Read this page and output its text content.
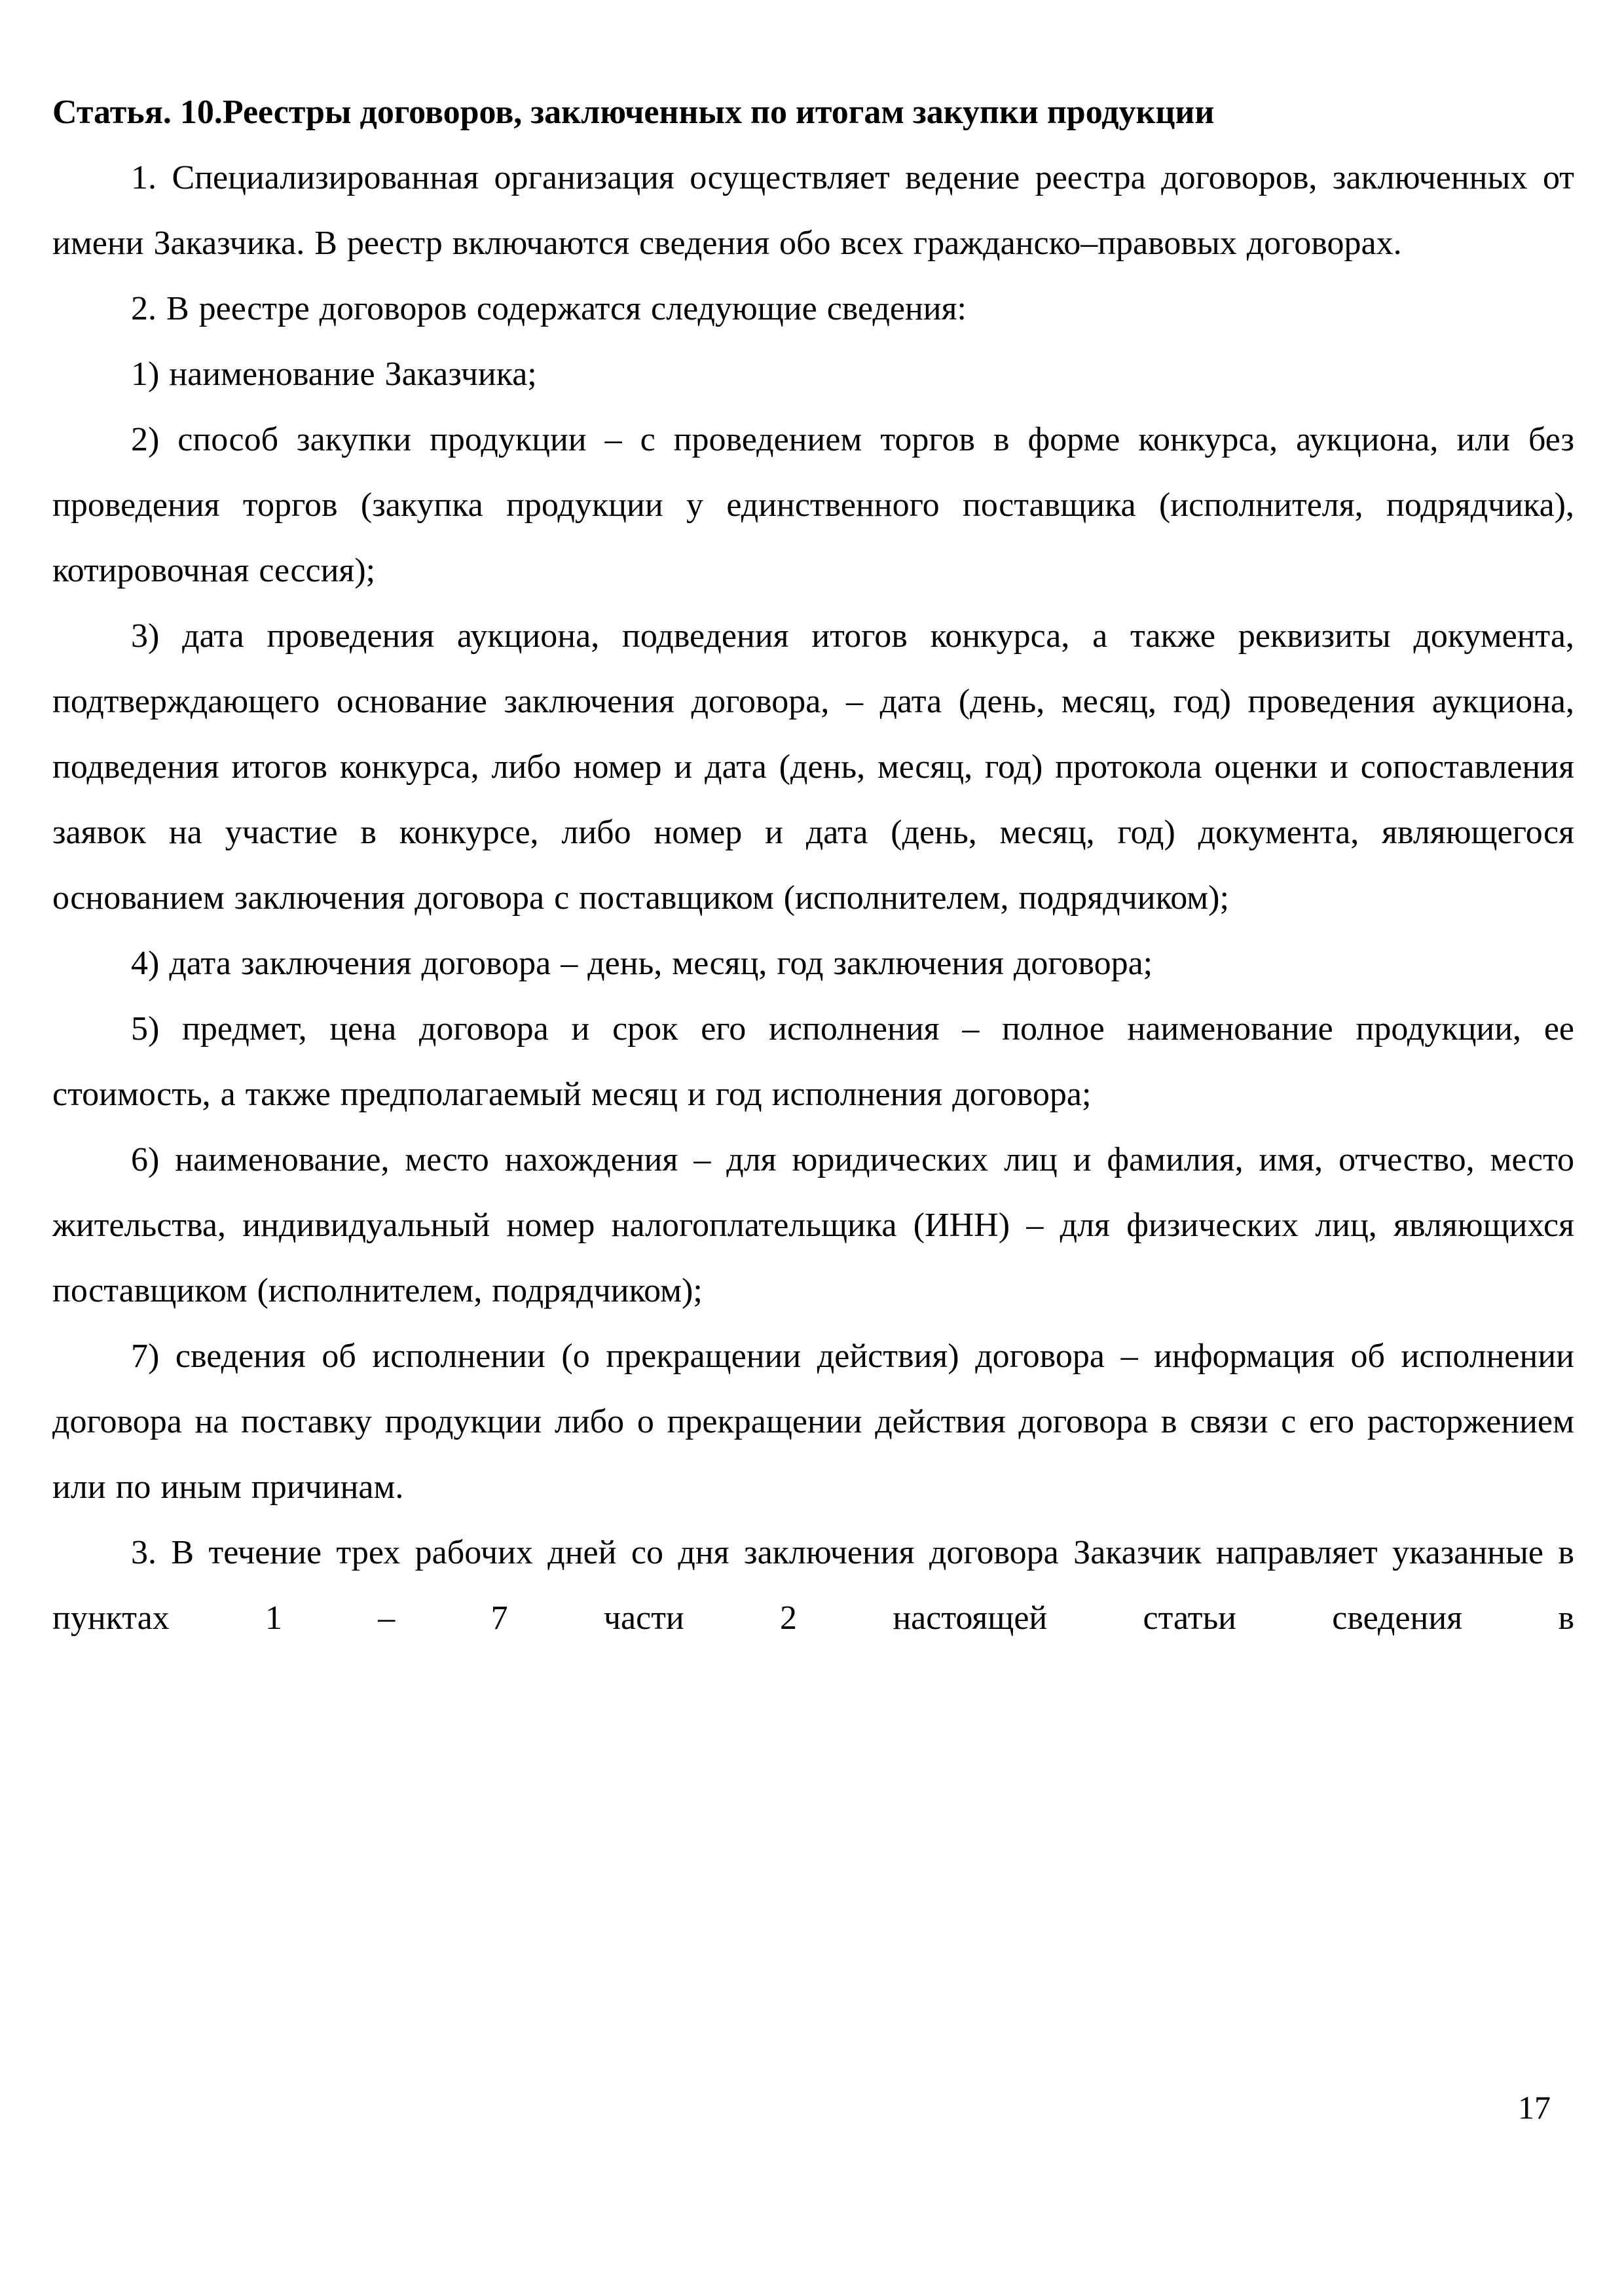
Статья. 10.Реестры договоров, заключенных по итогам закупки продукции

1. Специализированная организация осуществляет ведение реестра договоров, заключенных от имени Заказчика. В реестр включаются сведения обо всех гражданско–правовых договорах.

2. В реестре договоров содержатся следующие сведения:

1) наименование Заказчика;

2) способ закупки продукции – с проведением торгов в форме конкурса, аукциона, или без проведения торгов (закупка продукции у единственного поставщика (исполнителя, подрядчика), котировочная сессия);

3) дата проведения аукциона, подведения итогов конкурса, а также реквизиты документа, подтверждающего основание заключения договора, – дата (день, месяц, год) проведения аукциона, подведения итогов конкурса, либо номер и дата (день, месяц, год) протокола оценки и сопоставления заявок на участие в конкурсе, либо номер и дата (день, месяц, год) документа, являющегося основанием заключения договора с поставщиком (исполнителем, подрядчиком);

4) дата заключения договора – день, месяц, год заключения договора;

5) предмет, цена договора и срок его исполнения – полное наименование продукции, ее стоимость, а также предполагаемый месяц и год исполнения договора;

6) наименование, место нахождения – для юридических лиц и фамилия, имя, отчество, место жительства, индивидуальный номер налогоплательщика (ИНН) – для физических лиц, являющихся поставщиком (исполнителем, подрядчиком);

7) сведения об исполнении (о прекращении действия) договора – информация об исполнении договора на поставку продукции либо о прекращении действия договора в связи с его расторжением или по иным причинам.

3. В течение трех рабочих дней со дня заключения договора Заказчик направляет указанные в пунктах 1 – 7 части 2 настоящей статьи сведения в

17
